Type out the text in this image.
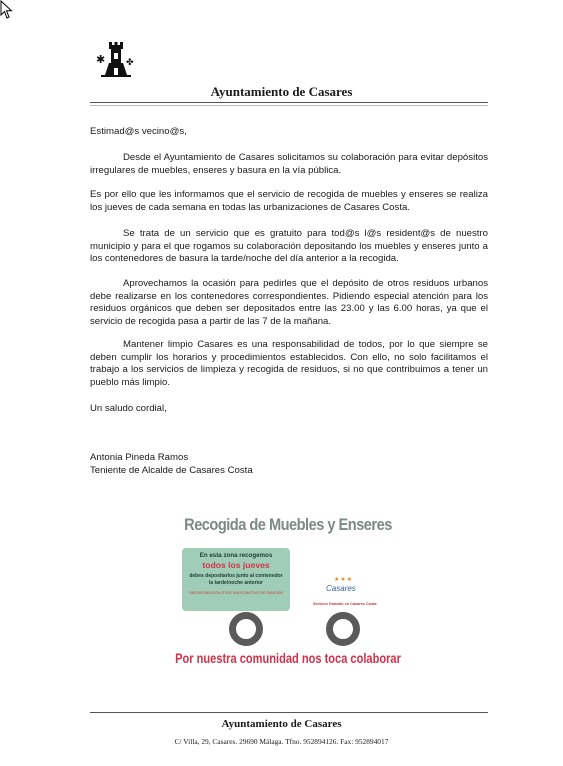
✱ ✤
Ayuntamiento de Casares
Estimad@s vecino@s,
Desde el Ayuntamiento de Casares solicitamos su colaboración para evitar depósitos irregulares de muebles, enseres y basura en la vía pública.
Es por ello que les informamos que el servicio de recogida de muebles y enseres se realiza los jueves de cada semana en todas las urbanizaciones de Casares Costa.
Se trata de un servicio que es gratuito para tod@s l@s resident@s de nuestro municipio y para el que rogamos su colaboración depositando los muebles y enseres junto a los contenedores de basura la tarde/noche del día anterior a la recogida.
Aprovechamos la ocasión para pedirles que el depósito de otros residuos urbanos debe realizarse en los contenedores correspondientes. Pidiendo especial atención para los residuos orgánicos que deben ser depositados entre las 23.00 y las 6.00 horas, ya que el servicio de recogida pasa a partir de las 7 de la mañana.
Mantener limpio Casares es una responsabilidad de todos, por lo que siempre se deben cumplir los horarios y procedimientos establecidos. Con ello, no solo facilitamos el trabajo a los servicios de limpieza y recogida de residuos, si no que contribuimos a tener un pueblo más limpio.
Un saludo cordial,
Antonia Pineda Ramos
Teniente de Alcalde de Casares Costa
Recogida de Muebles y Enseres
En esta zona recogemos
todos los jueves
debes depositarlos junto al contenedor
la tarde/noche anterior
DEPOSITARLO EN OTRO DIA ES MOTIVO DE SANCION
★★★
Casares
Servicio Gratuito en Casares Costa
Por nuestra comunidad nos toca colaborar
Ayuntamiento de Casares
C/ Villa, 29, Casares. 29690 Málaga. Tfno. 952894126. Fax: 952894017
